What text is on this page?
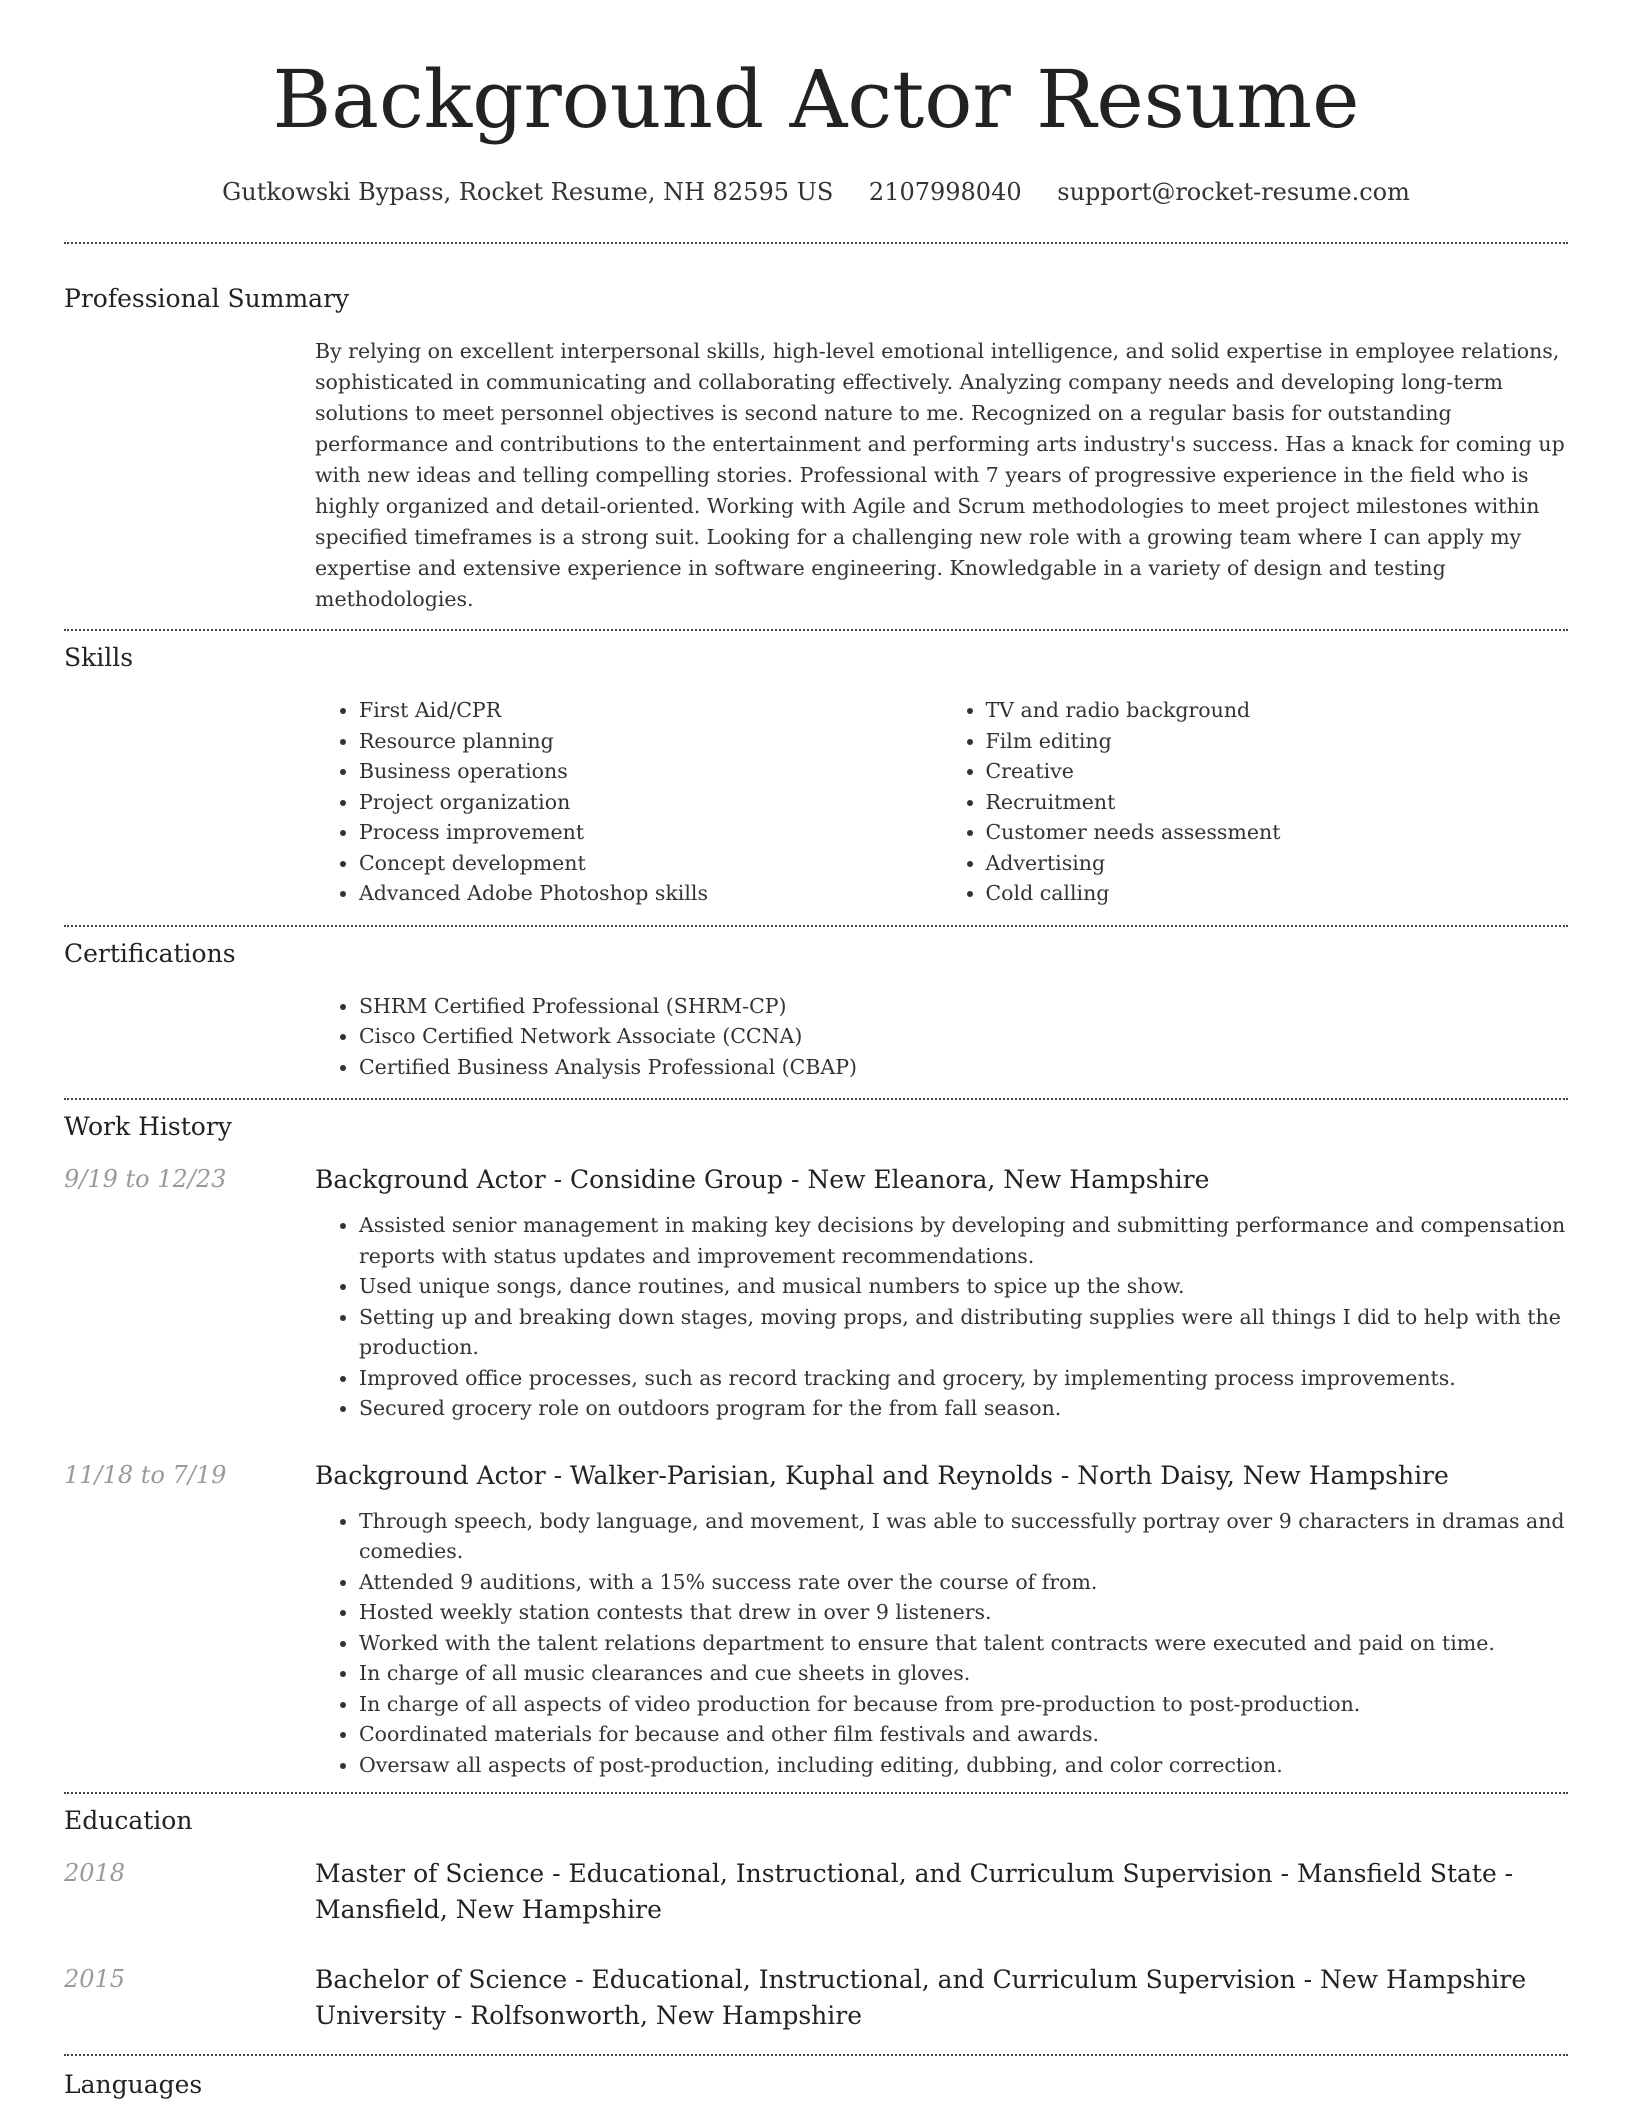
Background Actor Resume
Gutkowski Bypass, Rocket Resume, NH 82595 US 2107998040 support@rocket-resume.com
Professional Summary

By relying on excellent interpersonal skills, high-level emotional intelligence, and solid expertise in employee relations, sophisticated in communicating and collaborating effectively. Analyzing company needs and developing long-term solutions to meet personnel objectives is second nature to me. Recognized on a regular basis for outstanding performance and contributions to the entertainment and performing arts industry's success. Has a knack for coming up with new ideas and telling compelling stories. Professional with 7 years of progressive experience in the field who is highly organized and detail-oriented. Working with Agile and Scrum methodologies to meet project milestones within specified timeframes is a strong suit. Looking for a challenging new role with a growing team where I can apply my expertise and extensive experience in software engineering. Knowledgable in a variety of design and testing methodologies.

Skills
• First Aid/CPR
• Resource planning
• Business operations
• Project organization
• Process improvement
• Concept development
• Advanced Adobe Photoshop skills
• TV and radio background
• Film editing
• Creative
• Recruitment
• Customer needs assessment
• Advertising
• Cold calling
Certifications
• SHRM Certified Professional (SHRM-CP)
• Cisco Certified Network Associate (CCNA)
• Certified Business Analysis Professional (CBAP)
Work History
9/19 to 12/23	Background Actor - Considine Group - New Eleanora, New Hampshire
• Assisted senior management in making key decisions by developing and submitting performance and compensation reports with status updates and improvement recommendations.
• Used unique songs, dance routines, and musical numbers to spice up the show.
• Setting up and breaking down stages, moving props, and distributing supplies were all things I did to help with the production.
• Improved office processes, such as record tracking and grocery, by implementing process improvements.
• Secured grocery role on outdoors program for the from fall season.
11/18 to 7/19	Background Actor - Walker-Parisian, Kuphal and Reynolds - North Daisy, New Hampshire
• Through speech, body language, and movement, I was able to successfully portray over 9 characters in dramas and comedies.
• Attended 9 auditions, with a 15% success rate over the course of from.
• Hosted weekly station contests that drew in over 9 listeners.
• Worked with the talent relations department to ensure that talent contracts were executed and paid on time.
• In charge of all music clearances and cue sheets in gloves.
• In charge of all aspects of video production for because from pre-production to post-production.
• Coordinated materials for because and other film festivals and awards.
• Oversaw all aspects of post-production, including editing, dubbing, and color correction.
Education
2018	Master of Science - Educational, Instructional, and Curriculum Supervision - Mansfield State - Mansfield, New Hampshire
2015	Bachelor of Science - Educational, Instructional, and Curriculum Supervision - New Hampshire University - Rolfsonworth, New Hampshire
Languages
